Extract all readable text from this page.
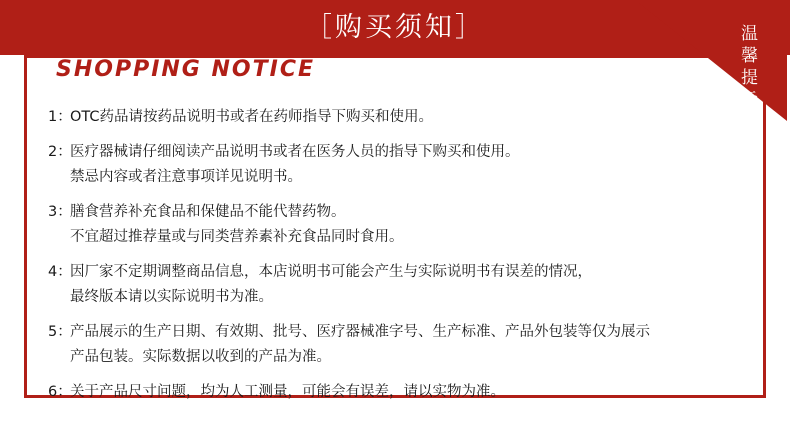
［购买须知］	温馨提示
SHOPPING NOTICE
1：
OTC药品请按药品说明书或者在药师指导下购买和使用。
2：
医疗器械请仔细阅读产品说明书或者在医务人员的指导下购买和使用。
禁忌内容或者注意事项详见说明书。
3：
膳食营养补充食品和保健品不能代替药物。
不宜超过推荐量或与同类营养素补充食品同时食用。
4：
因厂家不定期调整商品信息，本店说明书可能会产生与实际说明书有误差的情况，
最终版本请以实际说明书为准。
5：
产品展示的生产日期、有效期、批号、医疗器械准字号、生产标准、产品外包装等仅为展示
产品包装。实际数据以收到的产品为准。
6：
关于产品尺寸问题，均为人工测量，可能会有误差，请以实物为准。
